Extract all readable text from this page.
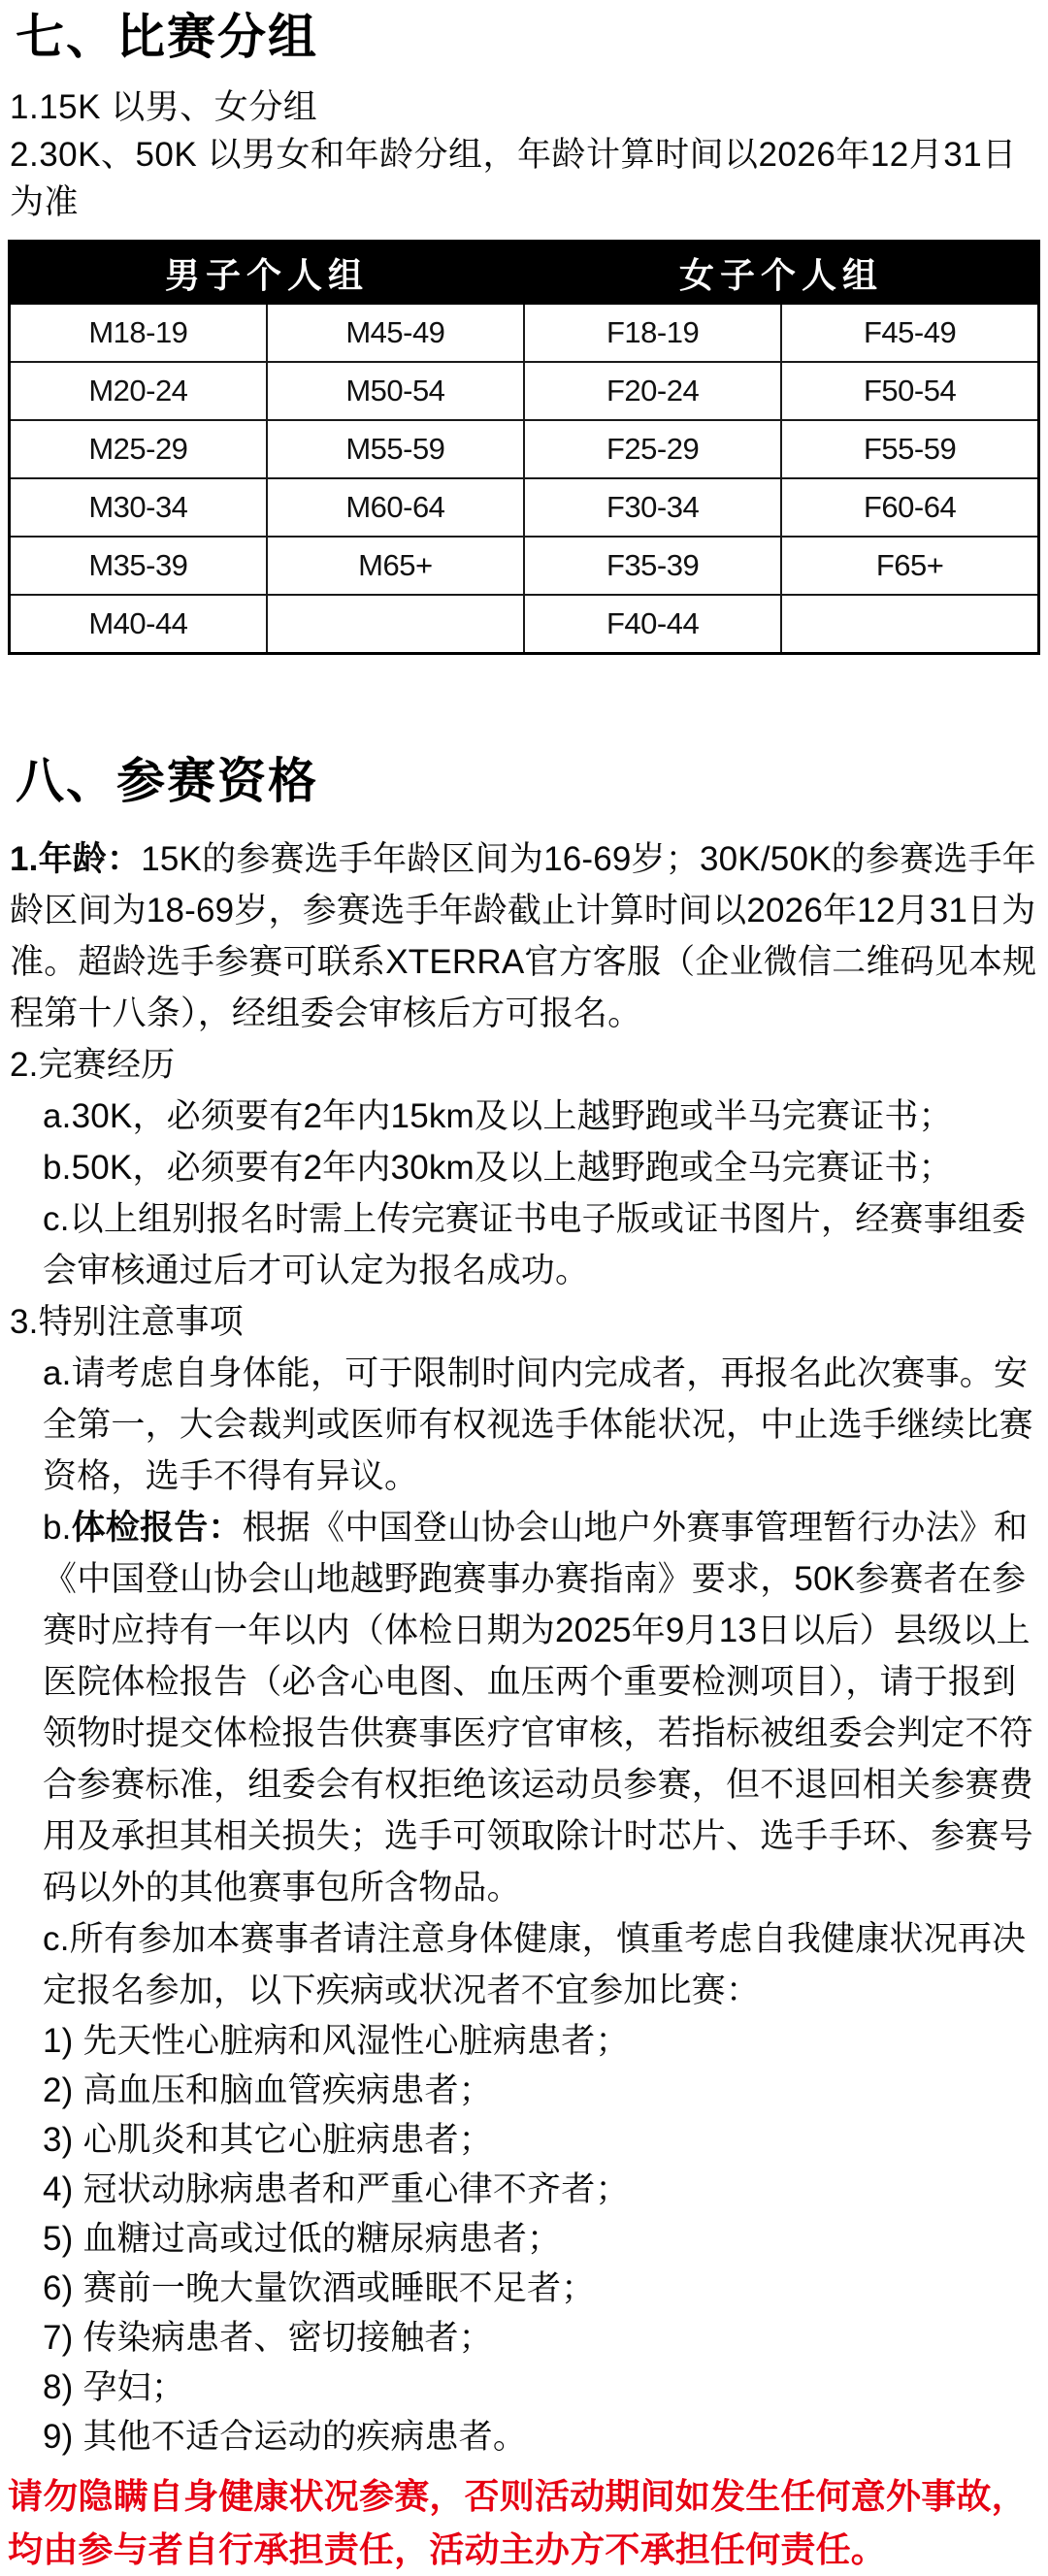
七、比赛分组
1.15K 以男、女分组
2.30K、50K 以男女和年龄分组，年龄计算时间以2026年12月31日为准
男子个人组		女子个人组	
M18-19	M45-49	F18-19	F45-49
M20-24	M50-54	F20-24	F50-54
M25-29	M55-59	F25-29	F55-59
M30-34	M60-64	F30-34	F60-64
M35-39	M65+	F35-39	F65+
M40-44		F40-44	
八、参赛资格

1.年龄：15K的参赛选手年龄区间为16-69岁；30K/50K的参赛选手年龄区间为18-69岁，参赛选手年龄截止计算时间以2026年12月31日为准。超龄选手参赛可联系XTERRA官方客服（企业微信二维码见本规程第十八条），经组委会审核后方可报名。

2.完赛经历

a.30K，必须要有2年内15km及以上越野跑或半马完赛证书；

b.50K，必须要有2年内30km及以上越野跑或全马完赛证书；

c.以上组别报名时需上传完赛证书电子版或证书图片，经赛事组委会审核通过后才可认定为报名成功。

3.特别注意事项

a.请考虑自身体能，可于限制时间内完成者，再报名此次赛事。安全第一，大会裁判或医师有权视选手体能状况，中止选手继续比赛资格，选手不得有异议。

b.体检报告：根据《中国登山协会山地户外赛事管理暂行办法》和《中国登山协会山地越野跑赛事办赛指南》要求，50K参赛者在参赛时应持有一年以内（体检日期为2025年9月13日以后）县级以上医院体检报告（必含心电图、血压两个重要检测项目），请于报到领物时提交体检报告供赛事医疗官审核，若指标被组委会判定不符合参赛标准，组委会有权拒绝该运动员参赛，但不退回相关参赛费用及承担其相关损失；选手可领取除计时芯片、选手手环、参赛号码以外的其他赛事包所含物品。

c.所有参加本赛事者请注意身体健康，慎重考虑自我健康状况再决定报名参加，以下疾病或状况者不宜参加比赛：

1) 先天性心脏病和风湿性心脏病患者；

2) 高血压和脑血管疾病患者；

3) 心肌炎和其它心脏病患者；

4) 冠状动脉病患者和严重心律不齐者；

5) 血糖过高或过低的糖尿病患者；

6) 赛前一晚大量饮酒或睡眠不足者；

7) 传染病患者、密切接触者；

8) 孕妇；

9) 其他不适合运动的疾病患者。

请勿隐瞒自身健康状况参赛，否则活动期间如发生任何意外事故，均由参与者自行承担责任，活动主办方不承担任何责任。
